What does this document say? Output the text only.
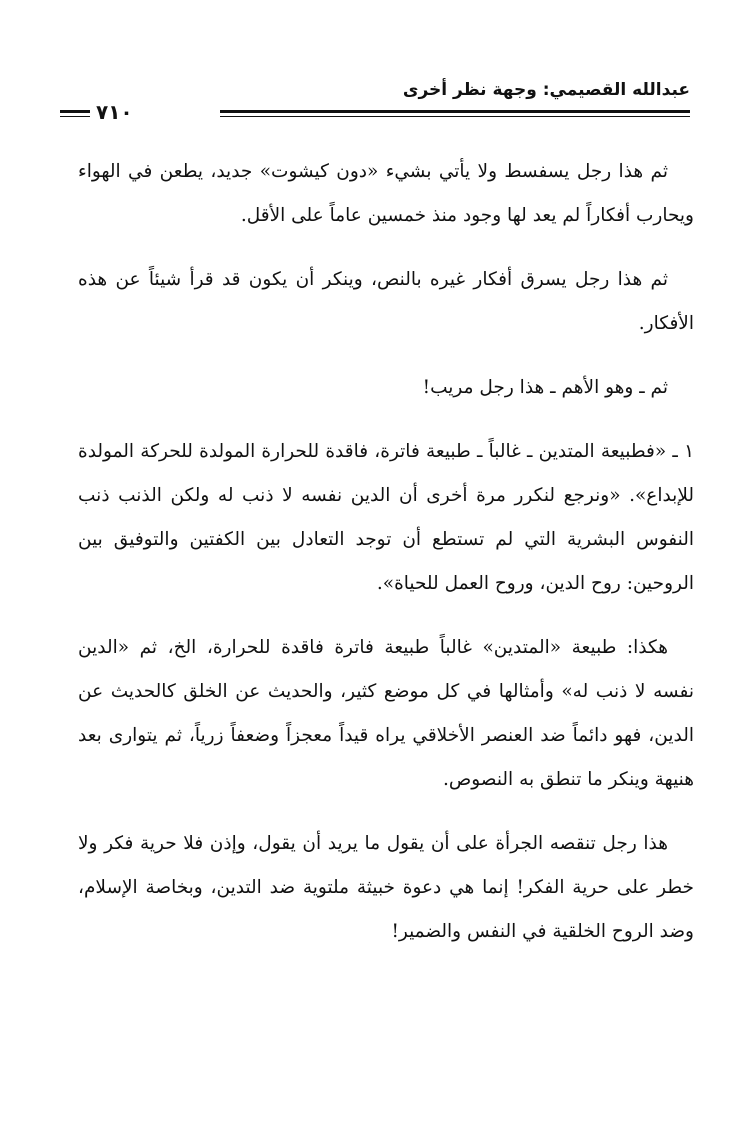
عبدالله القصيمي: وجهة نظر أخرى
٧١٠

ثم هذا رجل يسفسط ولا يأتي بشيء «دون كيشوت» جديد، يطعن في الهواء ويحارب أفكاراً لم يعد لها وجود منذ خمسين عاماً على الأقل.

ثم هذا رجل يسرق أفكار غيره بالنص، وينكر أن يكون قد قرأ شيئاً عن هذه الأفكار.

ثم ـ وهو الأهم ـ هذا رجل مريب!

١ ـ «فطبيعة المتدين ـ غالباً ـ طبيعة فاترة، فاقدة للحرارة المولدة للحركة المولدة للإبداع». «ونرجع لنكرر مرة أخرى أن الدين نفسه لا ذنب له ولكن الذنب ذنب النفوس البشرية التي لم تستطع أن توجد التعادل بين الكفتين والتوفيق بين الروحين: روح الدين، وروح العمل للحياة».

هكذا: طبيعة «المتدين» غالباً طبيعة فاترة فاقدة للحرارة، الخ، ثم «الدين نفسه لا ذنب له» وأمثالها في كل موضع كثير، والحديث عن الخلق كالحديث عن الدين، فهو دائماً ضد العنصر الأخلاقي يراه قيداً معجزاً وضعفاً زرياً، ثم يتوارى بعد هنيهة وينكر ما تنطق به النصوص.

هذا رجل تنقصه الجرأة على أن يقول ما يريد أن يقول، وإذن فلا حرية فكر ولا خطر على حرية الفكر! إنما هي دعوة خبيثة ملتوية ضد التدين، وبخاصة الإسلام، وضد الروح الخلقية في النفس والضمير!
